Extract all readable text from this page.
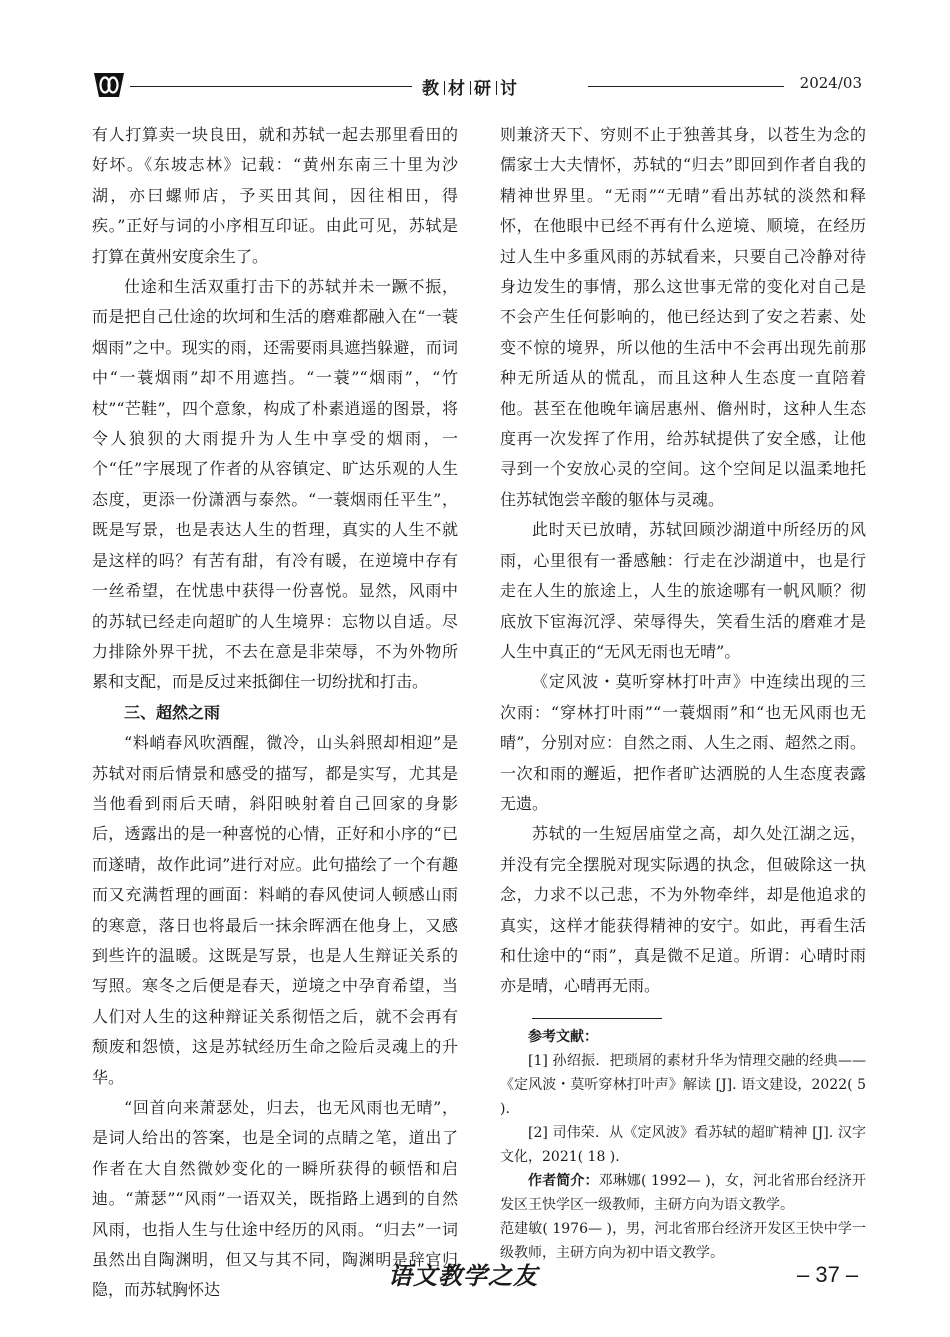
教 材 研 讨	2024/03

有人打算卖一块良田，就和苏轼一起去那里看田的好坏。《东坡志林》记载：“黄州东南三十里为沙湖，亦曰螺师店，予买田其间，因往相田，得疾。”正好与词的小序相互印证。由此可见，苏轼是打算在黄州安度余生了。

仕途和生活双重打击下的苏轼并未一蹶不振，而是把自己仕途的坎坷和生活的磨难都融入在“一蓑烟雨”之中。现实的雨，还需要雨具遮挡躲避，而词中“一蓑烟雨”却不用遮挡。“一蓑”“烟雨”，“竹杖”“芒鞋”，四个意象，构成了朴素逍遥的图景，将令人狼狈的大雨提升为人生中享受的烟雨，一个“任”字展现了作者的从容镇定、旷达乐观的人生态度，更添一份潇洒与泰然。“一蓑烟雨任平生”，既是写景，也是表达人生的哲理，真实的人生不就是这样的吗？有苦有甜，有冷有暖，在逆境中存有一丝希望，在忧患中获得一份喜悦。显然，风雨中的苏轼已经走向超旷的人生境界：忘物以自适。尽力排除外界干扰，不去在意是非荣辱，不为外物所累和支配，而是反过来抵御住一切纷扰和打击。

三、超然之雨

“料峭春风吹酒醒，微冷，山头斜照却相迎”是苏轼对雨后情景和感受的描写，都是实写，尤其是当他看到雨后天晴，斜阳映射着自己回家的身影后，透露出的是一种喜悦的心情，正好和小序的“已而遂晴，故作此词”进行对应。此句描绘了一个有趣而又充满哲理的画面：料峭的春风使词人顿感山雨的寒意，落日也将最后一抹余晖洒在他身上，又感到些许的温暖。这既是写景，也是人生辩证关系的写照。寒冬之后便是春天，逆境之中孕育希望，当人们对人生的这种辩证关系彻悟之后，就不会再有颓废和怨愤，这是苏轼经历生命之险后灵魂上的升华。

“回首向来萧瑟处，归去，也无风雨也无晴”，是词人给出的答案，也是全词的点睛之笔，道出了作者在大自然微妙变化的一瞬所获得的顿悟和启迪。“萧瑟”“风雨”一语双关，既指路上遇到的自然风雨，也指人生与仕途中经历的风雨。“归去”一词虽然出自陶渊明，但又与其不同，陶渊明是辞官归隐，而苏轼胸怀达

则兼济天下、穷则不止于独善其身，以苍生为念的儒家士大夫情怀，苏轼的“归去”即回到作者自我的精神世界里。“无雨”“无晴”看出苏轼的淡然和释怀，在他眼中已经不再有什么逆境、顺境，在经历过人生中多重风雨的苏轼看来，只要自己冷静对待身边发生的事情，那么这世事无常的变化对自己是不会产生任何影响的，他已经达到了安之若素、处变不惊的境界，所以他的生活中不会再出现先前那种无所适从的慌乱，而且这种人生态度一直陪着他。甚至在他晚年谪居惠州、儋州时，这种人生态度再一次发挥了作用，给苏轼提供了安全感，让他寻到一个安放心灵的空间。这个空间足以温柔地托住苏轼饱尝辛酸的躯体与灵魂。

此时天已放晴，苏轼回顾沙湖道中所经历的风雨，心里很有一番感触：行走在沙湖道中，也是行走在人生的旅途上，人生的旅途哪有一帆风顺？彻底放下宦海沉浮、荣辱得失，笑看生活的磨难才是人生中真正的“无风无雨也无晴”。

《定风波・莫听穿林打叶声》中连续出现的三次雨：“穿林打叶雨”“一蓑烟雨”和“也无风雨也无晴”，分别对应：自然之雨、人生之雨、超然之雨。一次和雨的邂逅，把作者旷达洒脱的人生态度表露无遗。

苏轼的一生短居庙堂之高，却久处江湖之远，并没有完全摆脱对现实际遇的执念，但破除这一执念，力求不以己悲，不为外物牵绊，却是他追求的真实，这样才能获得精神的安宁。如此，再看生活和仕途中的“雨”，真是微不足道。所谓：心晴时雨亦是晴，心晴再无雨。

参考文献：

[1] 孙绍振．把琐屑的素材升华为情理交融的经典——《定风波・莫听穿林打叶声》解读 [J]. 语文建设，2022( 5 ).

[2] 司伟荣．从《定风波》看苏轼的超旷精神 [J]. 汉字文化，2021( 18 ).

作者简介：邓琳娜( 1992— )，女，河北省邢台经济开发区王快学区一级教师，主研方向为语文教学。

范建敏( 1976— )，男，河北省邢台经济开发区王快中学一级教师，主研方向为初中语文教学。

语文教学之友	– 37 –
